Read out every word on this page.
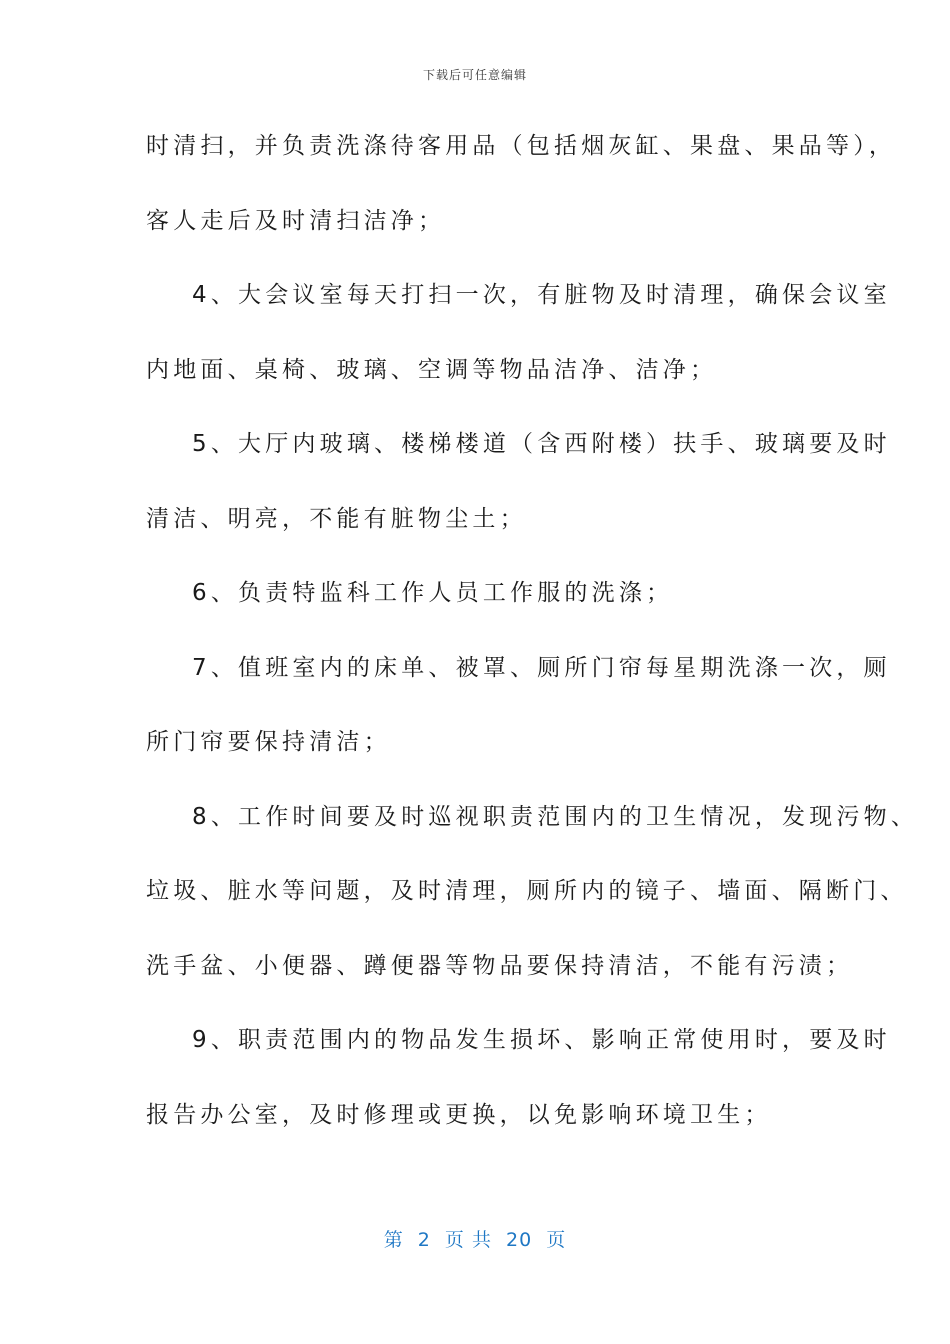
下载后可任意编辑
时清扫，并负责洗涤待客用品（包括烟灰缸、果盘、果品等），
客人走后及时清扫洁净；
4、大会议室每天打扫一次，有脏物及时清理，确保会议室
内地面、桌椅、玻璃、空调等物品洁净、洁净；
5、大厅内玻璃、楼梯楼道（含西附楼）扶手、玻璃要及时
清洁、明亮，不能有脏物尘土；
6、负责特监科工作人员工作服的洗涤；
7、值班室内的床单、被罩、厕所门帘每星期洗涤一次，厕
所门帘要保持清洁；
8、工作时间要及时巡视职责范围内的卫生情况，发现污物、
垃圾、脏水等问题，及时清理，厕所内的镜子、墙面、隔断门、
洗手盆、小便器、蹲便器等物品要保持清洁，不能有污渍；
9、职责范围内的物品发生损坏、影响正常使用时，要及时
报告办公室，及时修理或更换，以免影响环境卫生；
第  2  页 共  20  页
